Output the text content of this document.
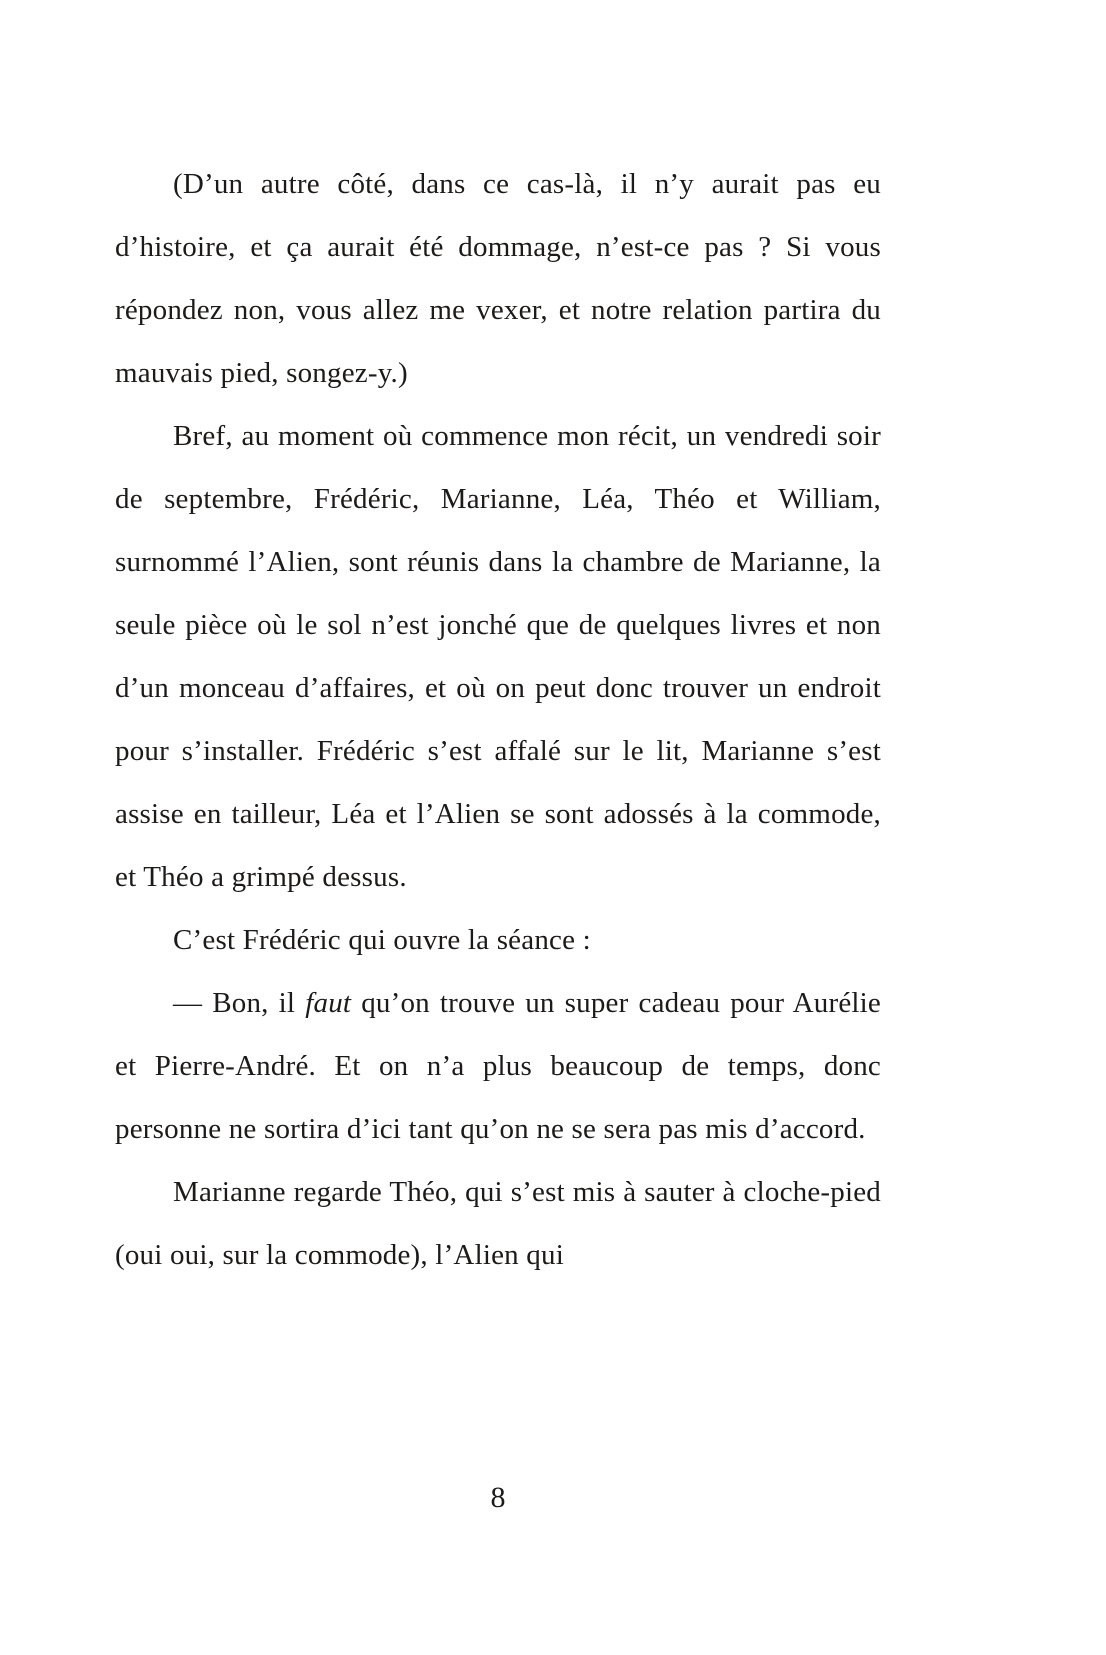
(D’un autre côté, dans ce cas-là, il n’y aurait pas eu d’histoire, et ça aurait été dommage, n’est-ce pas ? Si vous répondez non, vous allez me vexer, et notre relation partira du mauvais pied, songez-y.)

Bref, au moment où commence mon récit, un vendredi soir de septembre, Frédéric, Marianne, Léa, Théo et William, surnommé l’Alien, sont réunis dans la chambre de Marianne, la seule pièce où le sol n’est jonché que de quelques livres et non d’un monceau d’affaires, et où on peut donc trouver un endroit pour s’installer. Frédéric s’est affalé sur le lit, Marianne s’est assise en tailleur, Léa et l’Alien se sont adossés à la commode, et Théo a grimpé dessus.

C’est Frédéric qui ouvre la séance :

— Bon, il faut qu’on trouve un super cadeau pour Aurélie et Pierre-André. Et on n’a plus beaucoup de temps, donc personne ne sortira d’ici tant qu’on ne se sera pas mis d’accord.

Marianne regarde Théo, qui s’est mis à sauter à cloche-pied (oui oui, sur la commode), l’Alien qui

8
